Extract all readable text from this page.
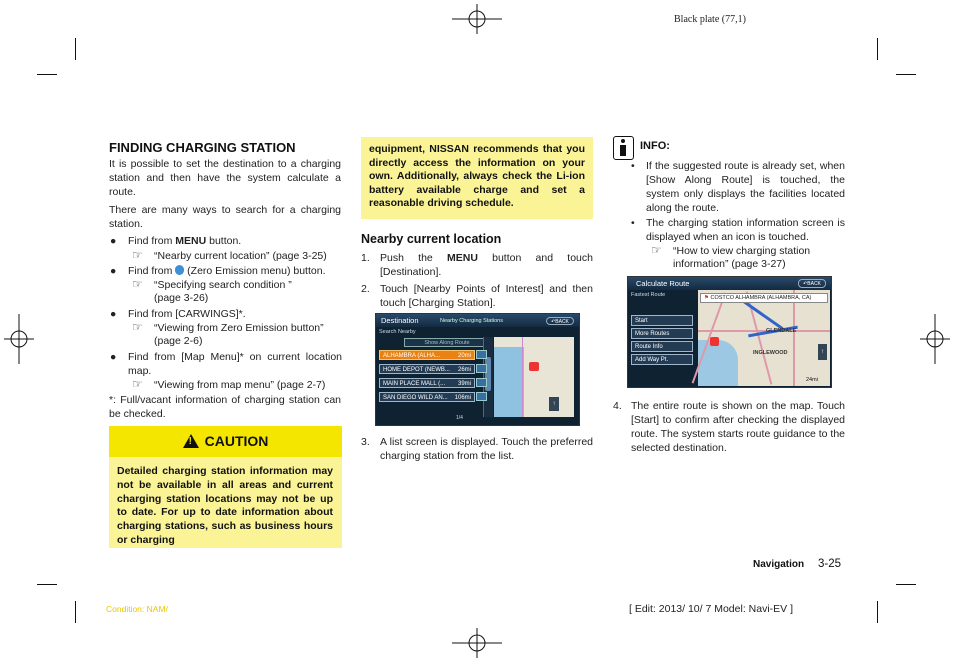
Black plate (77,1)
FINDING CHARGING STATION
It is possible to set the destination to a charging station and then have the system calculate a route.
There are many ways to search for a charging station.
● Find from MENU button.
☞ “Nearby current location” (page 3-25)
● Find from  (Zero Emission menu) button.
☞ “Specifying search condition ”
(page 3-26)
● Find from [CARWINGS]*.
☞ “Viewing from Zero Emission button”
(page 2-6)
● Find from [Map Menu]* on current location map.
☞ “Viewing from map menu” (page 2-7)
*: Full/vacant information of charging station can be checked.
! CAUTION
Detailed charging station information may not be available in all areas and current charging station locations may not be up to date. For up to date information about charging stations, such as business hours or charging
equipment, NISSAN recommends that you directly access the information on your own. Additionally, always check the Li-ion battery available charge and set a reasonable driving schedule.
Nearby current location
1. Push the MENU button and touch [Destination].
2. Touch [Nearby Points of Interest] and then touch [Charging Station].
Destination	Nearby Charging Stations	↶BACK
Search Nearby
Show Along Route
↑
ALHAMBRA (ALHA...	20mi
HOME DEPOT (NEWB... 26mi
MAIN PLACE MALL (... 39mi
SAN DIEGO WILD AN... 106mi
1/4
3. A list screen is displayed. Touch the preferred charging station from the list.
INFO:
• If the suggested route is already set, when [Show Along Route] is touched, the system only displays the facilities located along the route.
• The charging station information screen is displayed when an icon is touched.
☞ “How to view charging station
information” (page 3-27)
Calculate Route	↶BACK
Fastest Route
GLENDALE
INGLEWOOD	↑
24mi
⚑ COSTCO ALHAMBRA (ALHAMBRA, CA)
Start
More Routes
Route Info
Add Way Pt.
4. The entire route is shown on the map. Touch [Start] to confirm after checking the displayed route. The system starts route guidance to the selected destination.
Navigation 3-25
Condition: NAM/	[ Edit: 2013/ 10/ 7 Model: Navi-EV ]
